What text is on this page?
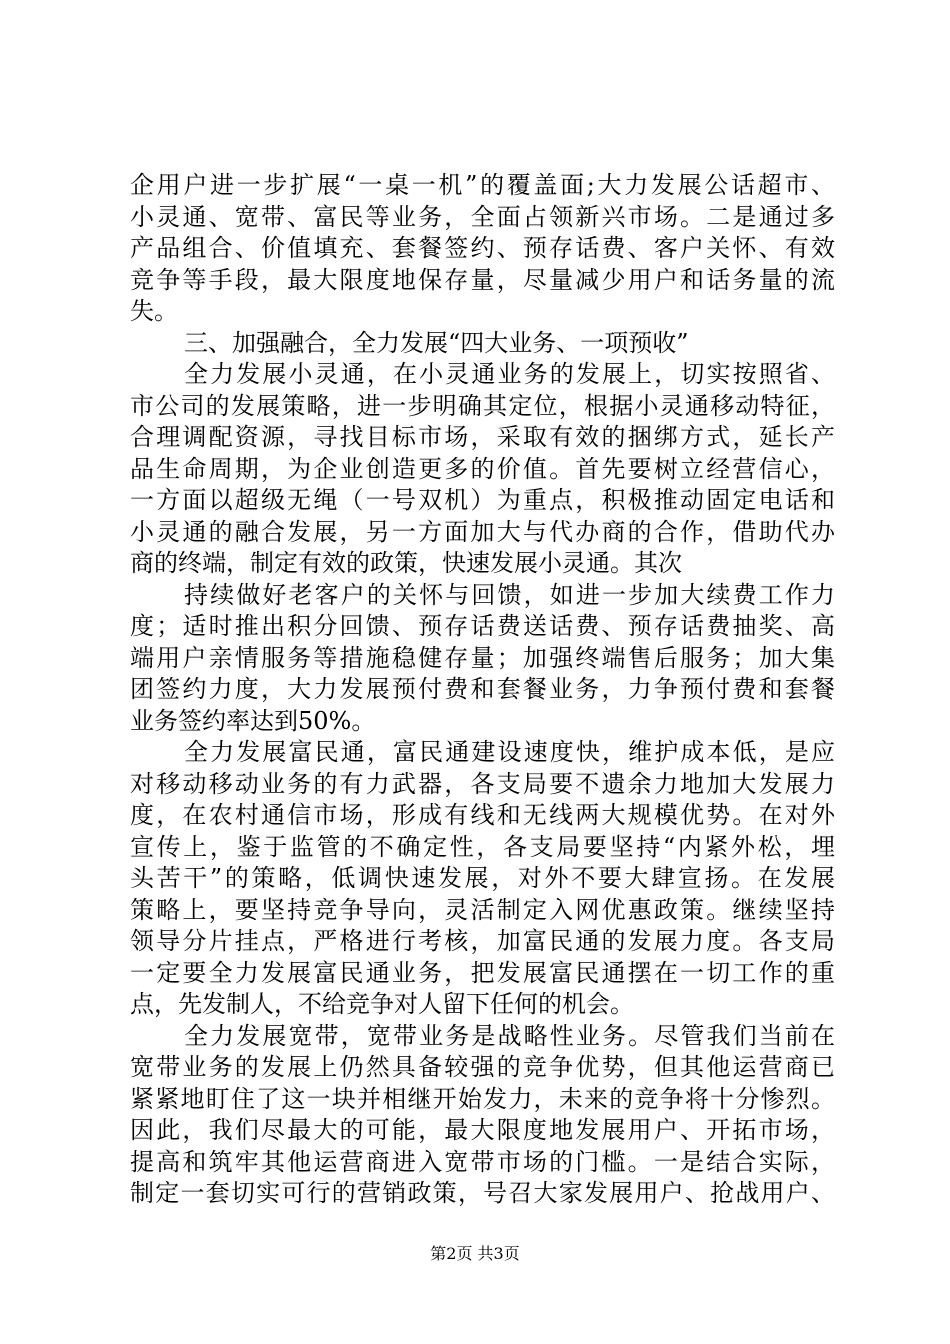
企用户进一步扩展“一桌一机”的覆盖面;大力发展公话超市、
小灵通、宽带、富民等业务，全面占领新兴市场。二是通过多
产品组合、价值填充、套餐签约、预存话费、客户关怀、有效
竞争等手段，最大限度地保存量，尽量减少用户和话务量的流
失。
三、加强融合，全力发展“四大业务、一项预收”
全力发展小灵通，在小灵通业务的发展上，切实按照省、
市公司的发展策略，进一步明确其定位，根据小灵通移动特征，
合理调配资源，寻找目标市场，采取有效的捆绑方式，延长产
品生命周期，为企业创造更多的价值。首先要树立经营信心，
一方面以超级无绳（一号双机）为重点，积极推动固定电话和
小灵通的融合发展，另一方面加大与代办商的合作，借助代办
商的终端，制定有效的政策，快速发展小灵通。其次
持续做好老客户的关怀与回馈，如进一步加大续费工作力
度；适时推出积分回馈、预存话费送话费、预存话费抽奖、高
端用户亲情服务等措施稳健存量；加强终端售后服务；加大集
团签约力度，大力发展预付费和套餐业务，力争预付费和套餐
业务签约率达到50%。
全力发展富民通，富民通建设速度快，维护成本低，是应
对移动移动业务的有力武器，各支局要不遗余力地加大发展力
度，在农村通信市场，形成有线和无线两大规模优势。在对外
宣传上，鉴于监管的不确定性，各支局要坚持“内紧外松，埋
头苦干”的策略，低调快速发展，对外不要大肆宣扬。在发展
策略上，要坚持竞争导向，灵活制定入网优惠政策。继续坚持
领导分片挂点，严格进行考核，加富民通的发展力度。各支局
一定要全力发展富民通业务，把发展富民通摆在一切工作的重
点，先发制人，不给竞争对人留下任何的机会。
全力发展宽带，宽带业务是战略性业务。尽管我们当前在
宽带业务的发展上仍然具备较强的竞争优势，但其他运营商已
紧紧地盯住了这一块并相继开始发力，未来的竞争将十分惨烈。
因此，我们尽最大的可能，最大限度地发展用户、开拓市场，
提高和筑牢其他运营商进入宽带市场的门槛。一是结合实际，
制定一套切实可行的营销政策，号召大家发展用户、抢战用户、
第2页 共3页
